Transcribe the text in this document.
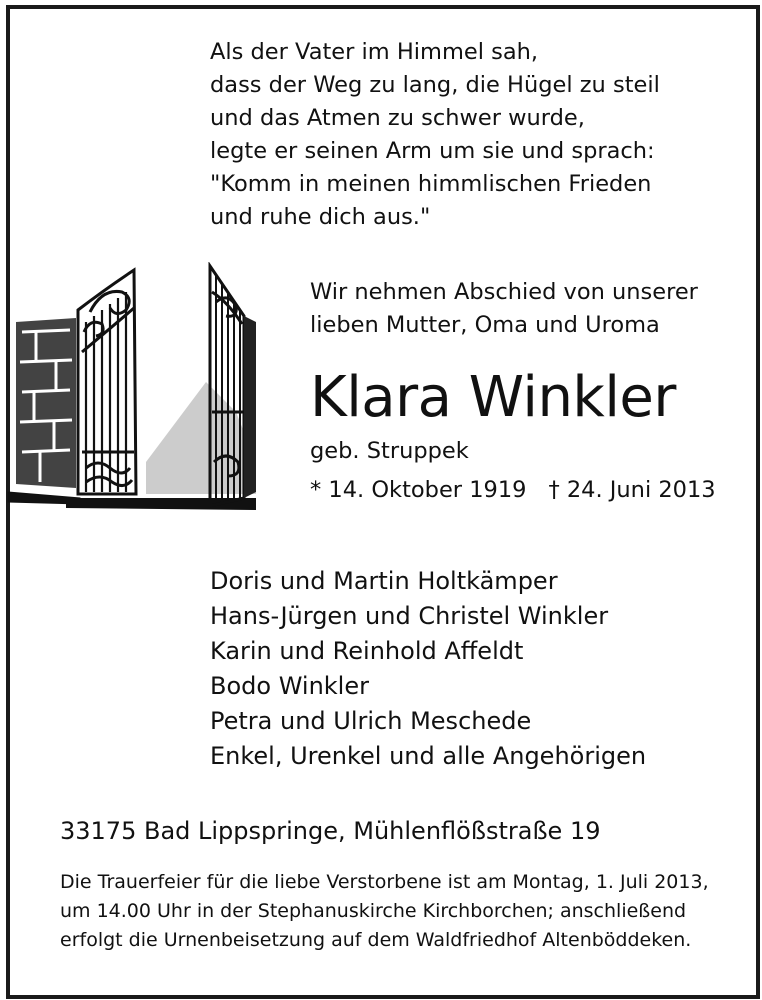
Als der Vater im Himmel sah,
dass der Weg zu lang, die Hügel zu steil
und das Atmen zu schwer wurde,
legte er seinen Arm um sie und sprach:
"Komm in meinen himmlischen Frieden
und ruhe dich aus."
Wir nehmen Abschied von unserer
lieben Mutter, Oma und Uroma
Klara Winkler
geb. Struppek
* 14. Oktober 1919 † 24. Juni 2013
Doris und Martin Holtkämper
Hans-Jürgen und Christel Winkler
Karin und Reinhold Affeldt
Bodo Winkler
Petra und Ulrich Meschede
Enkel, Urenkel und alle Angehörigen
33175 Bad Lippspringe, Mühlenflößstraße 19
Die Trauerfeier für die liebe Verstorbene ist am Montag, 1. Juli 2013,
um 14.00 Uhr in der Stephanuskirche Kirchborchen; anschließend
erfolgt die Urnenbeisetzung auf dem Waldfriedhof Altenböddeken.
